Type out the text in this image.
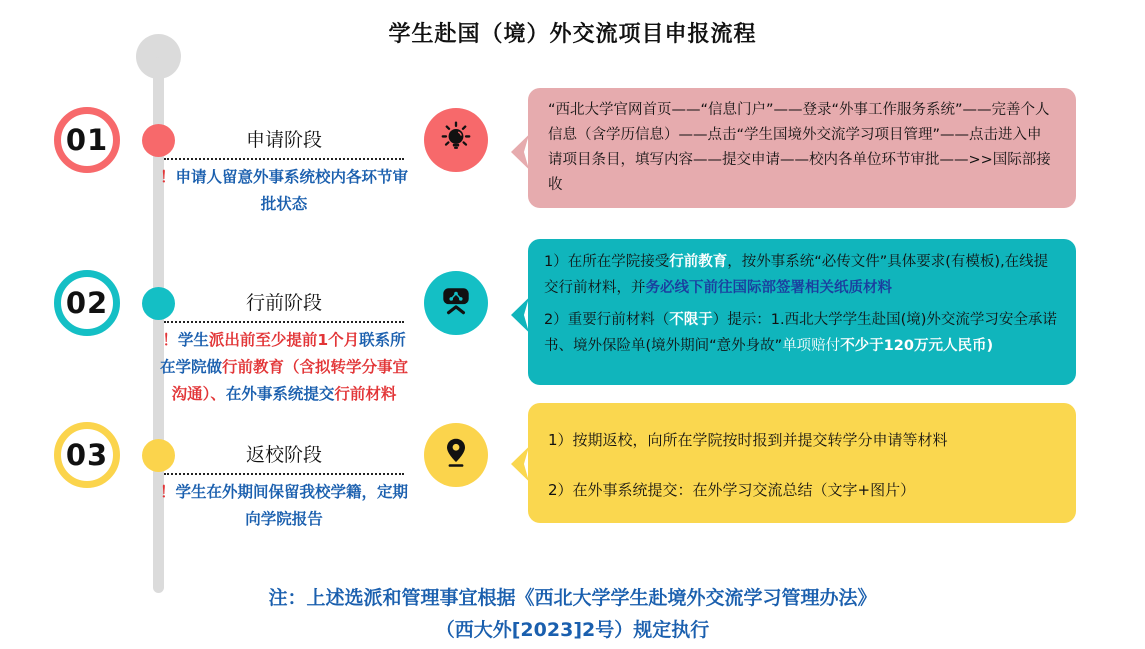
学生赴国（境）外交流项目申报流程
01
02
03
申请阶段
！申请人留意外事系统校内各环节审批状态
行前阶段
！学生派出前至少提前1个月联系所在学院做行前教育（含拟转学分事宜沟通）、在外事系统提交行前材料
返校阶段
！学生在外期间保留我校学籍，定期向学院报告

“西北大学官网首页——“信息门户”——登录“外事工作服务系统”——完善个人信息（含学历信息）——点击“学生国境外交流学习项目管理”——点击进入申请项目条目，填写内容——提交申请——校内各单位环节审批——>>国际部接收

1）在所在学院接受行前教育，按外事系统“必传文件”具体要求(有模板),在线提交行前材料，并务必线下前往国际部签署相关纸质材料

2）重要行前材料（不限于）提示：1.西北大学学生赴国(境)外交流学习安全承诺书、境外保险单(境外期间“意外身故”单项赔付不少于120万元人民币)

1）按期返校，向所在学院按时报到并提交转学分申请等材料

2）在外事系统提交：在外学习交流总结（文字+图片）

注：上述选派和管理事宜根据《西北大学学生赴境外交流学习管理办法》
（西大外[2023]2号）规定执行
